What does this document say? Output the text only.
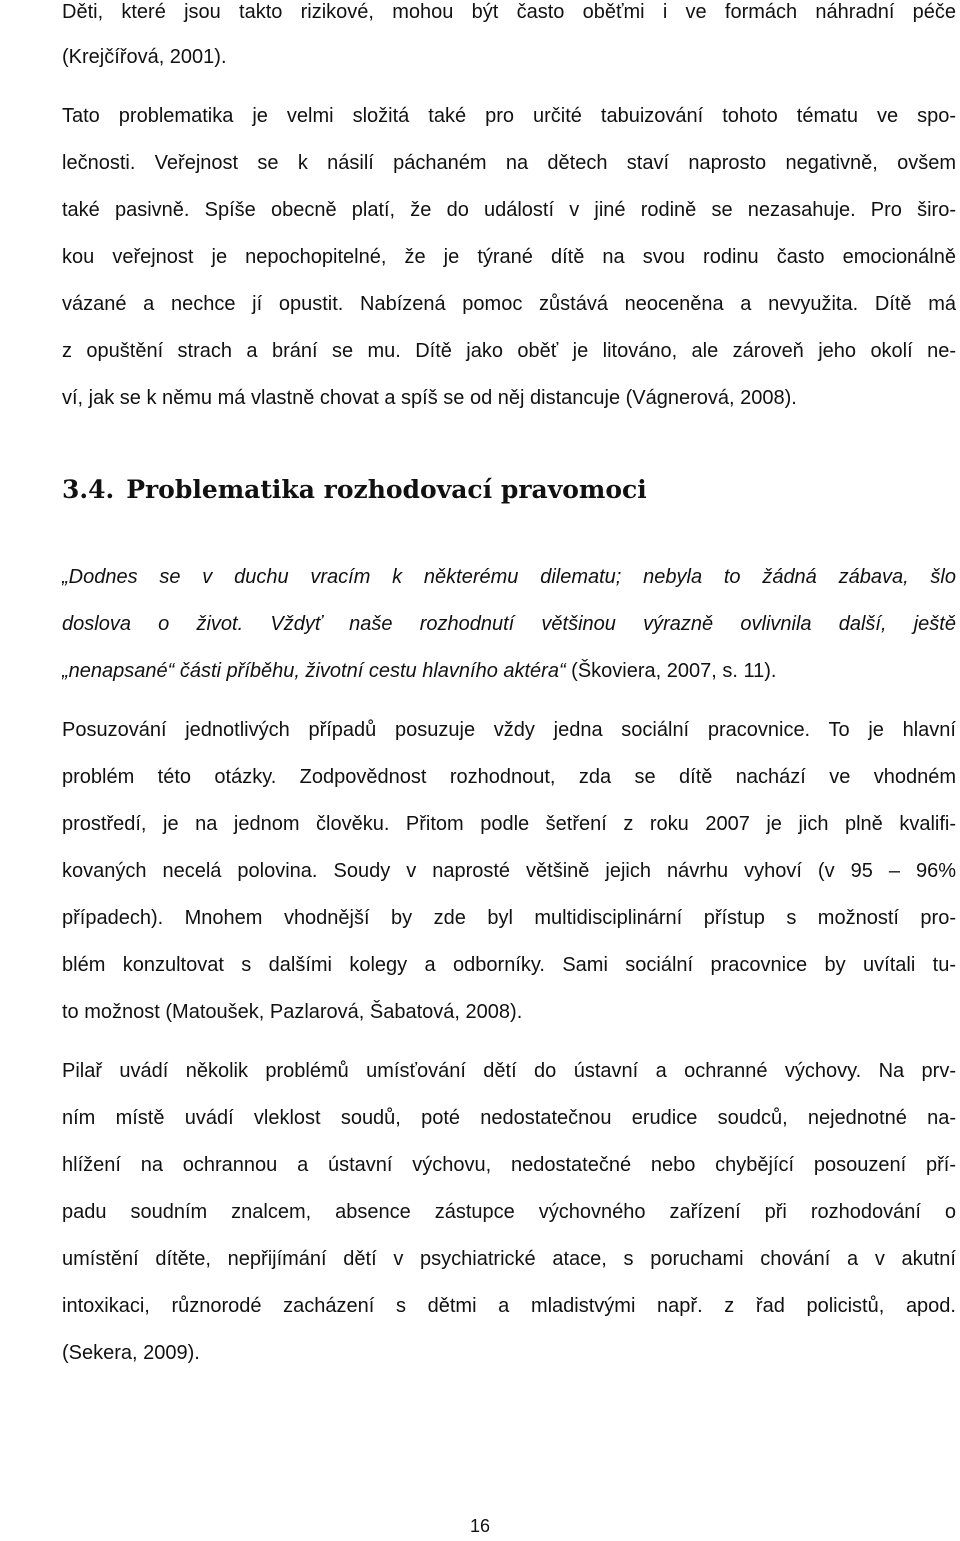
Děti, které jsou takto rizikové, mohou být často oběťmi i ve formách náhradní péče
(Krejčířová, 2001).
Tato problematika je velmi složitá také pro určité tabuizování tohoto tématu ve spo-
lečnosti. Veřejnost se k násilí páchaném na dětech staví naprosto negativně, ovšem
také pasivně. Spíše obecně platí, že do událostí v jiné rodině se nezasahuje. Pro širo-
kou veřejnost je nepochopitelné, že je týrané dítě na svou rodinu často emocionálně
vázané a nechce jí opustit. Nabízená pomoc zůstává neoceněna a nevyužita. Dítě má
z opuštění strach a brání se mu. Dítě jako oběť je litováno, ale zároveň jeho okolí ne-
ví, jak se k němu má vlastně chovat a spíš se od něj distancuje (Vágnerová, 2008).
3.4. Problematika rozhodovací pravomoci
„Dodnes se v duchu vracím k některému dilematu; nebyla to žádná zábava, šlo
doslova o život. Vždyť naše rozhodnutí většinou výrazně ovlivnila další, ještě
„nenapsané“ části příběhu, životní cestu hlavního aktéra“ (Škoviera, 2007, s. 11).
Posuzování jednotlivých případů posuzuje vždy jedna sociální pracovnice. To je hlavní
problém této otázky. Zodpovědnost rozhodnout, zda se dítě nachází ve vhodném
prostředí, je na jednom člověku. Přitom podle šetření z roku 2007 je jich plně kvalifi-
kovaných necelá polovina. Soudy v naprosté většině jejich návrhu vyhoví (v 95 – 96%
případech). Mnohem vhodnější by zde byl multidisciplinární přístup s možností pro-
blém konzultovat s dalšími kolegy a odborníky. Sami sociální pracovnice by uvítali tu-
to možnost (Matoušek, Pazlarová, Šabatová, 2008).
Pilař uvádí několik problémů umísťování dětí do ústavní a ochranné výchovy. Na prv-
ním místě uvádí vleklost soudů, poté nedostatečnou erudice soudců, nejednotné na-
hlížení na ochrannou a ústavní výchovu, nedostatečné nebo chybějící posouzení pří-
padu soudním znalcem, absence zástupce výchovného zařízení při rozhodování o
umístění dítěte, nepřijímání dětí v psychiatrické atace, s poruchami chování a v akutní
intoxikaci, různorodé zacházení s dětmi a mladistvými např. z řad policistů, apod.
(Sekera, 2009).
16
